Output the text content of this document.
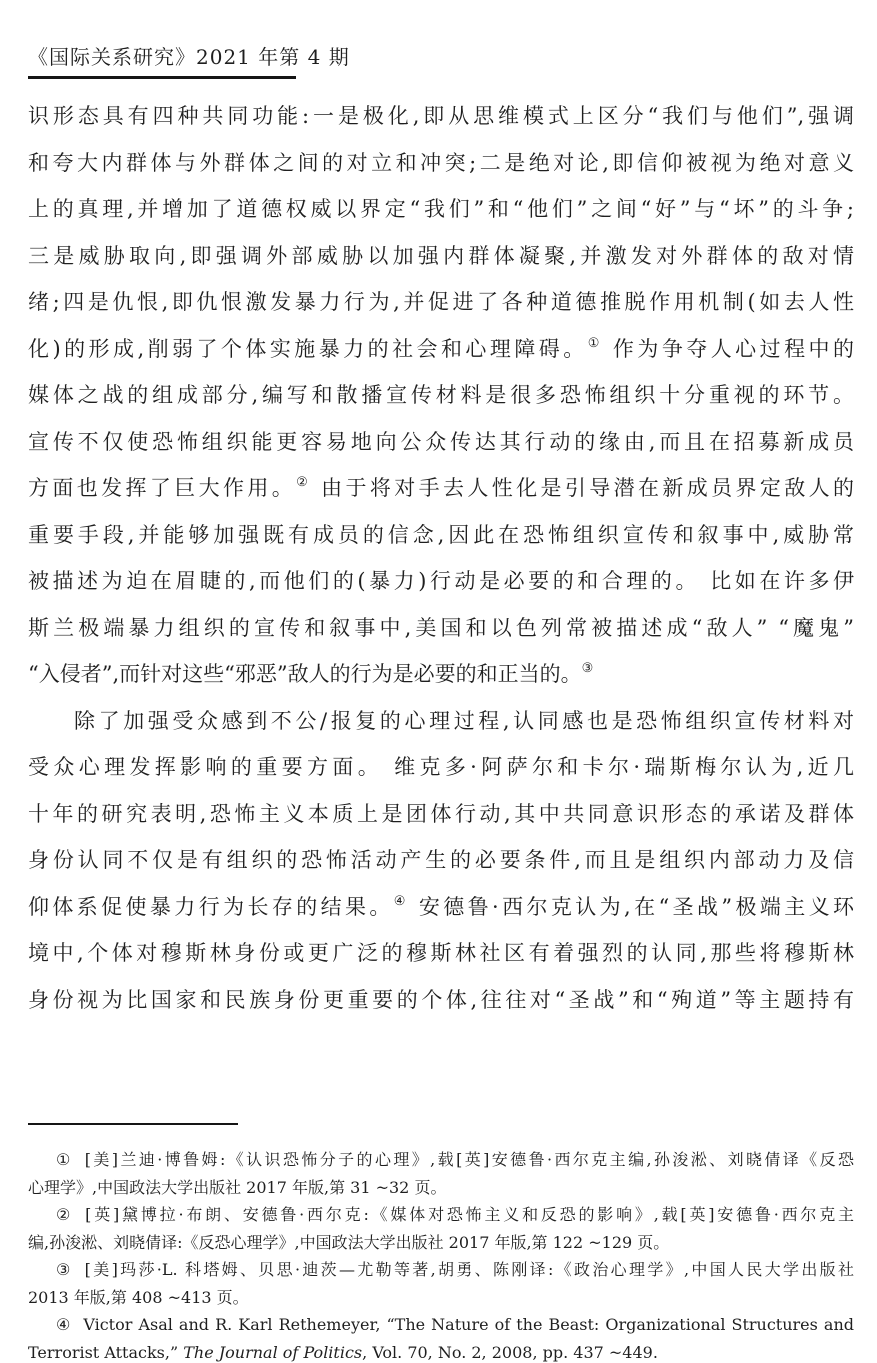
《国际关系研究》2021 年第 4 期
识形态具有四种共同功能:一是极化,即从思维模式上区分“我们与他们”,强调
和夸大内群体与外群体之间的对立和冲突;二是绝对论,即信仰被视为绝对意义
上的真理,并增加了道德权威以界定“我们”和“他们”之间“好”与“坏”的斗争;
三是威胁取向,即强调外部威胁以加强内群体凝聚,并激发对外群体的敌对情
绪;四是仇恨,即仇恨激发暴力行为,并促进了各种道德推脱作用机制(如去人性
化)的形成,削弱了个体实施暴力的社会和心理障碍。① 作为争夺人心过程中的
媒体之战的组成部分,编写和散播宣传材料是很多恐怖组织十分重视的环节。
宣传不仅使恐怖组织能更容易地向公众传达其行动的缘由,而且在招募新成员
方面也发挥了巨大作用。② 由于将对手去人性化是引导潜在新成员界定敌人的
重要手段,并能够加强既有成员的信念,因此在恐怖组织宣传和叙事中,威胁常
被描述为迫在眉睫的,而他们的(暴力)行动是必要的和合理的。 比如在许多伊
斯兰极端暴力组织的宣传和叙事中,美国和以色列常被描述成“敌人” “魔鬼”
“入侵者”,而针对这些“邪恶”敌人的行为是必要的和正当的。③
除了加强受众感到不公/报复的心理过程,认同感也是恐怖组织宣传材料对
受众心理发挥影响的重要方面。 维克多·阿萨尔和卡尔·瑞斯梅尔认为,近几
十年的研究表明,恐怖主义本质上是团体行动,其中共同意识形态的承诺及群体
身份认同不仅是有组织的恐怖活动产生的必要条件,而且是组织内部动力及信
仰体系促使暴力行为长存的结果。④ 安德鲁·西尔克认为,在“圣战”极端主义环
境中,个体对穆斯林身份或更广泛的穆斯林社区有着强烈的认同,那些将穆斯林
身份视为比国家和民族身份更重要的个体,往往对“圣战”和“殉道”等主题持有
① [美]兰迪·博鲁姆:《认识恐怖分子的心理》,载[英]安德鲁·西尔克主编,孙浚淞、刘晓倩译《反恐
心理学》,中国政法大学出版社 2017 年版,第 31 ~32 页。
② [英]黛博拉·布朗、安德鲁·西尔克:《媒体对恐怖主义和反恐的影响》,载[英]安德鲁·西尔克主
编,孙浚淞、刘晓倩译:《反恐心理学》,中国政法大学出版社 2017 年版,第 122 ~129 页。
③ [美]玛莎·L. 科塔姆、贝思·迪茨—尤勒等著,胡勇、陈刚译:《政治心理学》,中国人民大学出版社
2013 年版,第 408 ~413 页。
④ Victor Asal and R. Karl Rethemeyer, “The Nature of the Beast: Organizational Structures and
Terrorist Attacks,” The Journal of Politics, Vol. 70, No. 2, 2008, pp. 437 ~449.
